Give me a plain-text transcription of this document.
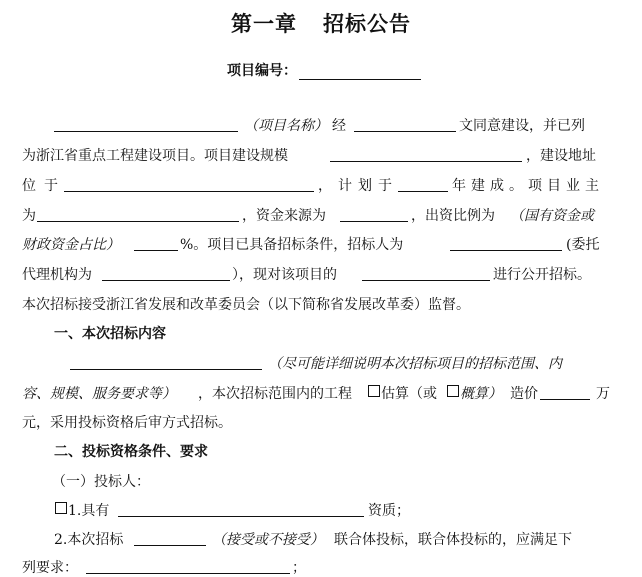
第一章 招标公告
项目编号：
（项目名称） 经	文同意建设，并已列
为浙江省重点工程建设项目。项目建设规模	，建设地址
位于	，计划于	年建成。项目业主
为	，资金来源为	，出资比例为 （国有资金或
财政资金占比）	%。项目已具备招标条件，招标人为	(委托
代理机构为	），现对该项目的	进行公开招标。
本次招标接受浙江省发展和改革委员会（以下简称省发展改革委）监督。
一、本次招标内容
（尽可能详细说明本次招标项目的招标范围、内
容、规模、服务要求等） ，本次招标范围内的工程 估算（或 概算） 造价	万
元，采用投标资格后审方式招标。
二、投标资格条件、要求
（一）投标人：
1.具有	资质；
2.本次招标	（接受或不接受） 联合体投标，联合体投标的，应满足下
列要求：	；
